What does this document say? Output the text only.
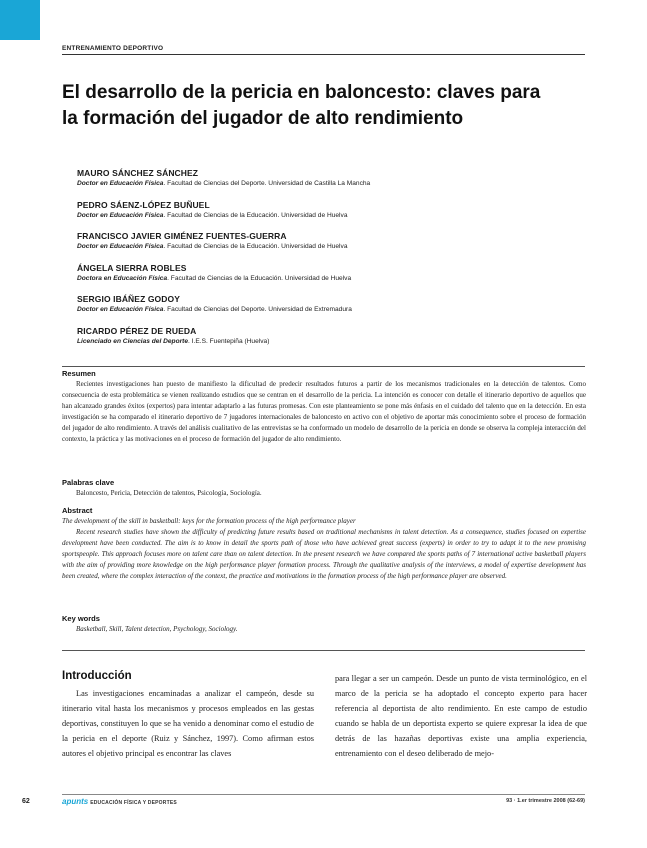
ENTRENAMIENTO DEPORTIVO
El desarrollo de la pericia en baloncesto: claves para la formación del jugador de alto rendimiento
MAURO SÁNCHEZ SÁNCHEZ
Doctor en Educación Física. Facultad de Ciencias del Deporte. Universidad de Castilla La Mancha
PEDRO SÁENZ-LÓPEZ BUÑUEL
Doctor en Educación Física. Facultad de Ciencias de la Educación. Universidad de Huelva
FRANCISCO JAVIER GIMÉNEZ FUENTES-GUERRA
Doctor en Educación Física. Facultad de Ciencias de la Educación. Universidad de Huelva
ÁNGELA SIERRA ROBLES
Doctora en Educación Física. Facultad de Ciencias de la Educación. Universidad de Huelva
SERGIO IBÁÑEZ GODOY
Doctor en Educación Física. Facultad de Ciencias del Deporte. Universidad de Extremadura
RICARDO PÉREZ DE RUEDA
Licenciado en Ciencias del Deporte. I.E.S. Fuentepiña (Huelva)
Resumen
Recientes investigaciones han puesto de manifiesto la dificultad de predecir resultados futuros a partir de los mecanismos tradicionales en la detección de talentos. Como consecuencia de esta problemática se vienen realizando estudios que se centran en el desarrollo de la pericia. La intención es conocer con detalle el itinerario deportivo de aquellos que han alcanzado grandes éxitos (expertos) para intentar adaptarlo a las futuras promesas. Con este planteamiento se pone más énfasis en el cuidado del talento que en la detección. En esta investigación se ha comparado el itinerario deportivo de 7 jugadores internacionales de baloncesto en activo con el objetivo de aportar más conocimiento sobre el proceso de formación del jugador de alto rendimiento. A través del análisis cualitativo de las entrevistas se ha conformado un modelo de desarrollo de la pericia en donde se observa la compleja interacción del contexto, la práctica y las motivaciones en el proceso de formación del jugador de alto rendimiento.
Palabras clave
Baloncesto, Pericia, Detección de talentos, Psicología, Sociología.
Abstract
The development of the skill in basketball: keys for the formation process of the high performance player
Recent research studies have shown the difficulty of predicting future results based on traditional mechanisms in talent detection. As a consequence, studies focused on expertise development have been conducted. The aim is to know in detail the sports path of those who have achieved great success (experts) in order to try to adapt it to the new promising sportspeople. This approach focuses more on talent care than on talent detection. In the present research we have compared the sports paths of 7 international active basketball players with the aim of providing more knowledge on the high performance player formation process. Through the qualitative analysis of the interviews, a model of expertise development has been created, where the complex interaction of the context, the practice and motivations in the formation process of the high performance player are observed.
Key words
Basketball, Skill, Talent detection, Psychology, Sociology.
Introducción
Las investigaciones encaminadas a analizar el campeón, desde su itinerario vital hasta los mecanismos y procesos empleados en las gestas deportivas, constituyen lo que se ha venido a denominar como el estudio de la pericia en el deporte (Ruiz y Sánchez, 1997). Como afirman estos autores el objetivo principal es encontrar las claves
para llegar a ser un campeón. Desde un punto de vista terminológico, en el marco de la pericia se ha adoptado el concepto experto para hacer referencia al deportista de alto rendimiento. En este campo de estudio cuando se habla de un deportista experto se quiere expresar la idea de que detrás de las hazañas deportivas existe una amplia experiencia, entrenamiento con el deseo deliberado de mejo-
62	apunts EDUCACIÓN FÍSICA Y DEPORTES	93 · 1.er trimestre 2008 (62-69)
